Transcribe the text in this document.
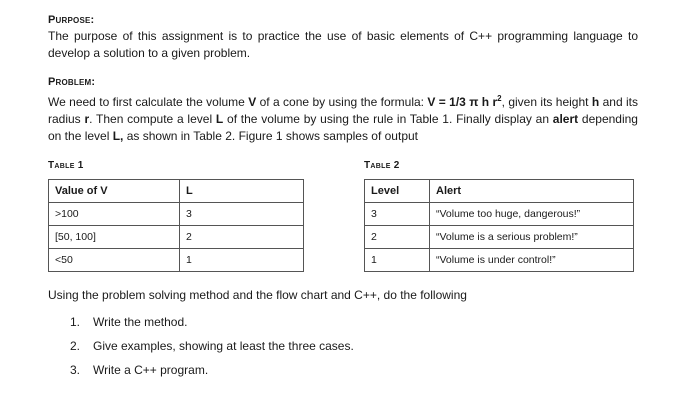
Purpose:

The purpose of this assignment is to practice the use of basic elements of C++ programming language to develop a solution to a given problem.

Problem:

We need to first calculate the volume V of a cone by using the formula: V = 1/3 π h $r^2$, given its height h and its radius r. Then compute a level L of the volume by using the rule in Table 1. Finally display an alert depending on the level L, as shown in Table 2. Figure 1 shows samples of output

Table 1
Value of V	L
>100	3
[50, 100]	2
<50	1
Table 2
Level	Alert
3	“Volume too huge, dangerous!”
2	“Volume is a serious problem!”
1	“Volume is under control!”

Using the problem solving method and the flow chart and C++, do the following

1. Write the method.
2. Give examples, showing at least the three cases.
3. Write a C++ program.
